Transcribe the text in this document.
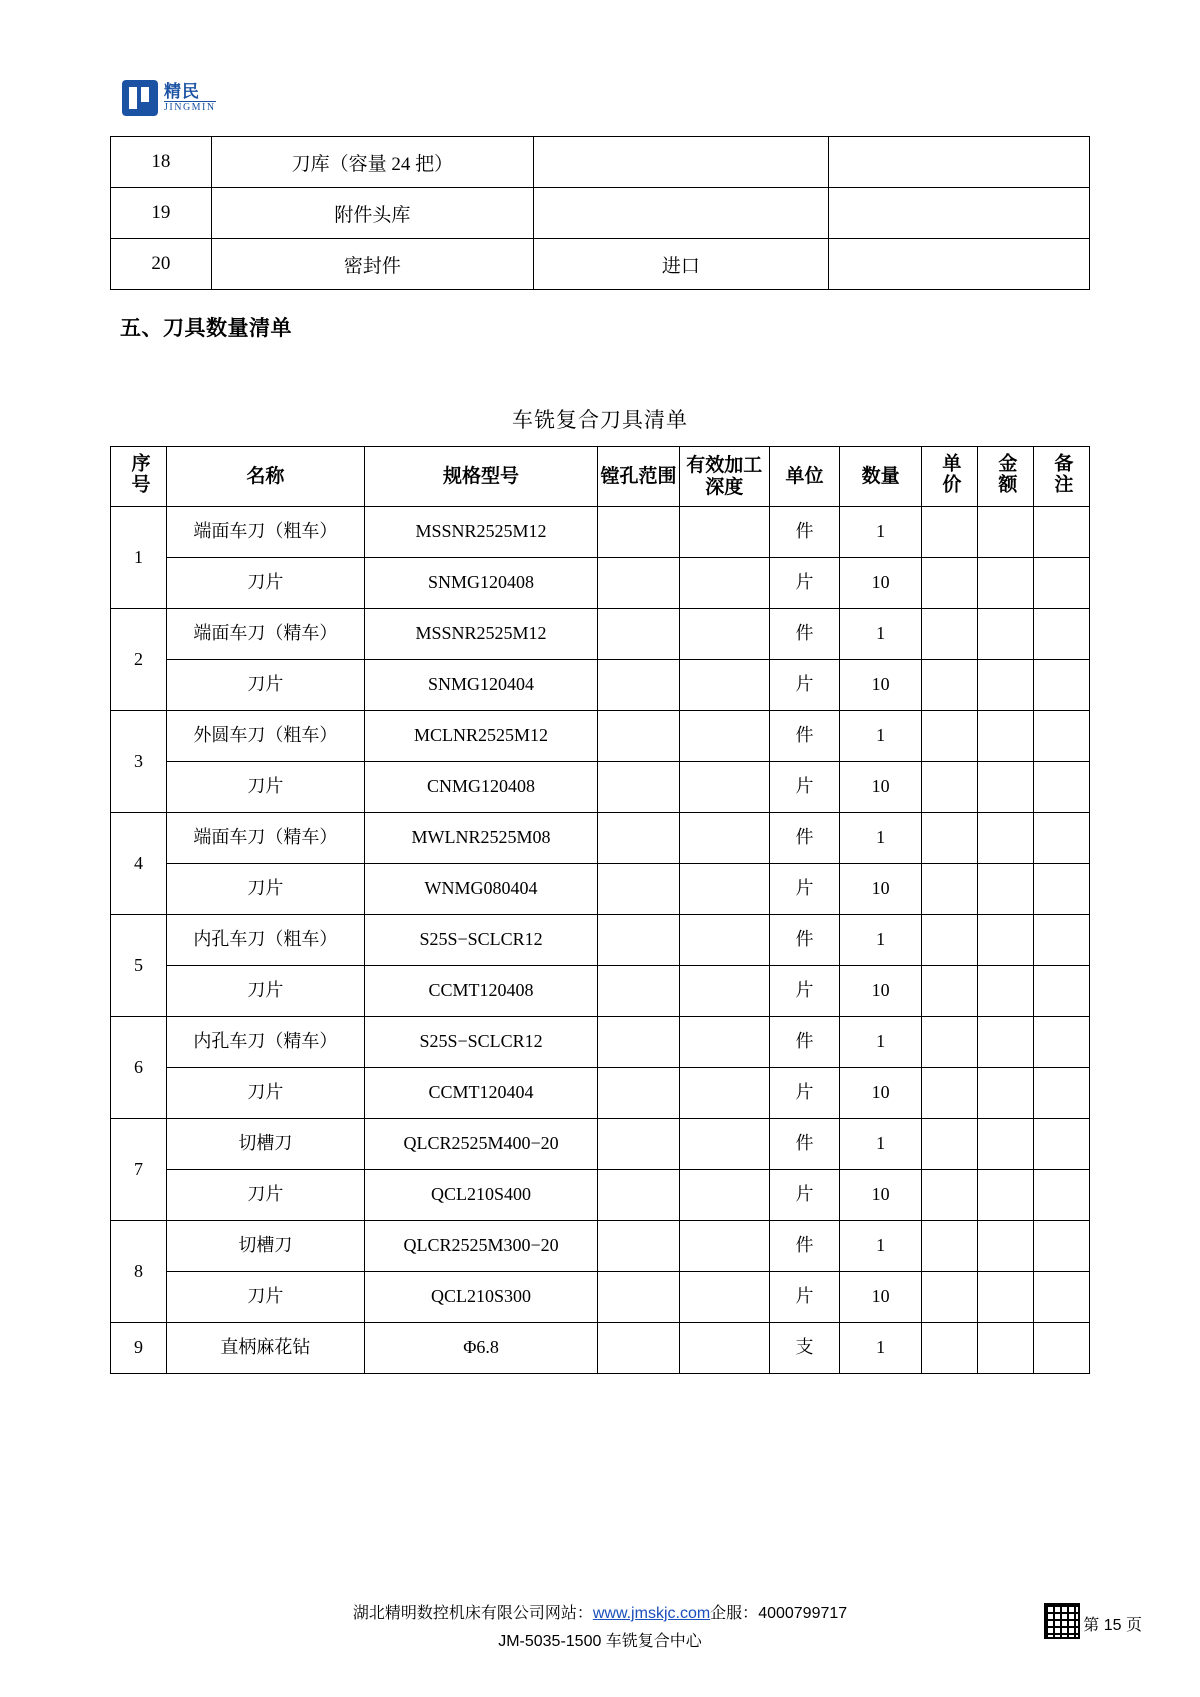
精民
JINGMIN
18	刀库（容量 24 把）		
19	附件头库		
20	密封件	进口	
五、刀具数量清单
车铣复合刀具清单
序号	名称	规格型号	镗孔范围	有效加工深度	单位	数量	单价	金额	备注
1	端面车刀（粗车）	MSSNR2525M12			件	1			
	刀片	SNMG120408			片	10			
2	端面车刀（精车）	MSSNR2525M12			件	1			
	刀片	SNMG120404			片	10			
3	外圆车刀（粗车）	MCLNR2525M12			件	1			
	刀片	CNMG120408			片	10			
4	端面车刀（精车）	MWLNR2525M08			件	1			
	刀片	WNMG080404			片	10			
5	内孔车刀（粗车）	S25S−SCLCR12			件	1			
	刀片	CCMT120408			片	10			
6	内孔车刀（精车）	S25S−SCLCR12			件	1			
	刀片	CCMT120404			片	10			
7	切槽刀	QLCR2525M400−20			件	1			
	刀片	QCL210S400			片	10			
8	切槽刀	QLCR2525M300−20			件	1			
	刀片	QCL210S300			片	10			
9	直柄麻花钻	Φ6.8			支	1			
湖北精明数控机床有限公司网站：www.jmskjc.com企服：4000799717
JM-5035-1500 车铣复合中心
第 15 页
